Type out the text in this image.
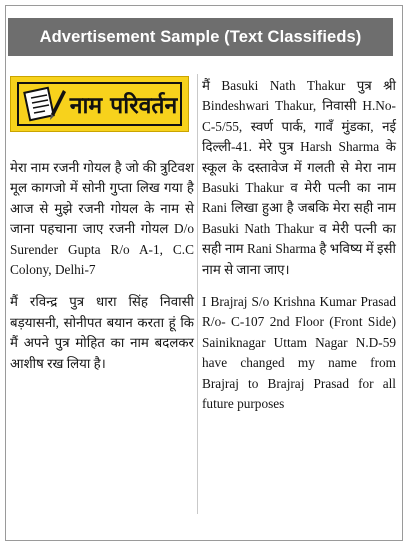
Advertisement Sample (Text Classifieds)
नाम परिवर्तन

मेरा नाम रजनी गोयल है जो की त्रुटिवश मूल कागजो में सोनी गुप्ता लिख गया है आज से मुझे रजनी गोयल के नाम से जाना पहचाना जाए रजनी गोयल D/o Surender Gupta R/o A-1, C.C Colony, Delhi-7

मैं रविन्द्र पुत्र धारा सिंह निवासी बड़यासनी, सोनीपत बयान करता हूं कि मैं अपने पुत्र मोहित का नाम बदलकर आशीष रख लिया है।

मैं Basuki Nath Thakur पुत्र श्री Bindeshwari Thakur, निवासी H.No-C-5/55, स्वर्ण पार्क, गावँ मुंडका, नई दिल्ली-41. मेरे पुत्र Harsh Sharma के स्कूल के दस्तावेज में गलती से मेरा नाम Basuki Thakur व मेरी पत्नी का नाम Rani लिखा हुआ है जबकि मेरा सही नाम Basuki Nath Thakur व मेरी पत्नी का सही नाम Rani Sharma है भविष्य में इसी नाम से जाना जाए।

I Brajraj S/o Krishna Kumar Prasad R/o- C-107 2nd Floor (Front Side) Sainiknagar Uttam Nagar N.D-59 have changed my name from Brajraj to Brajraj Prasad for all future purposes
